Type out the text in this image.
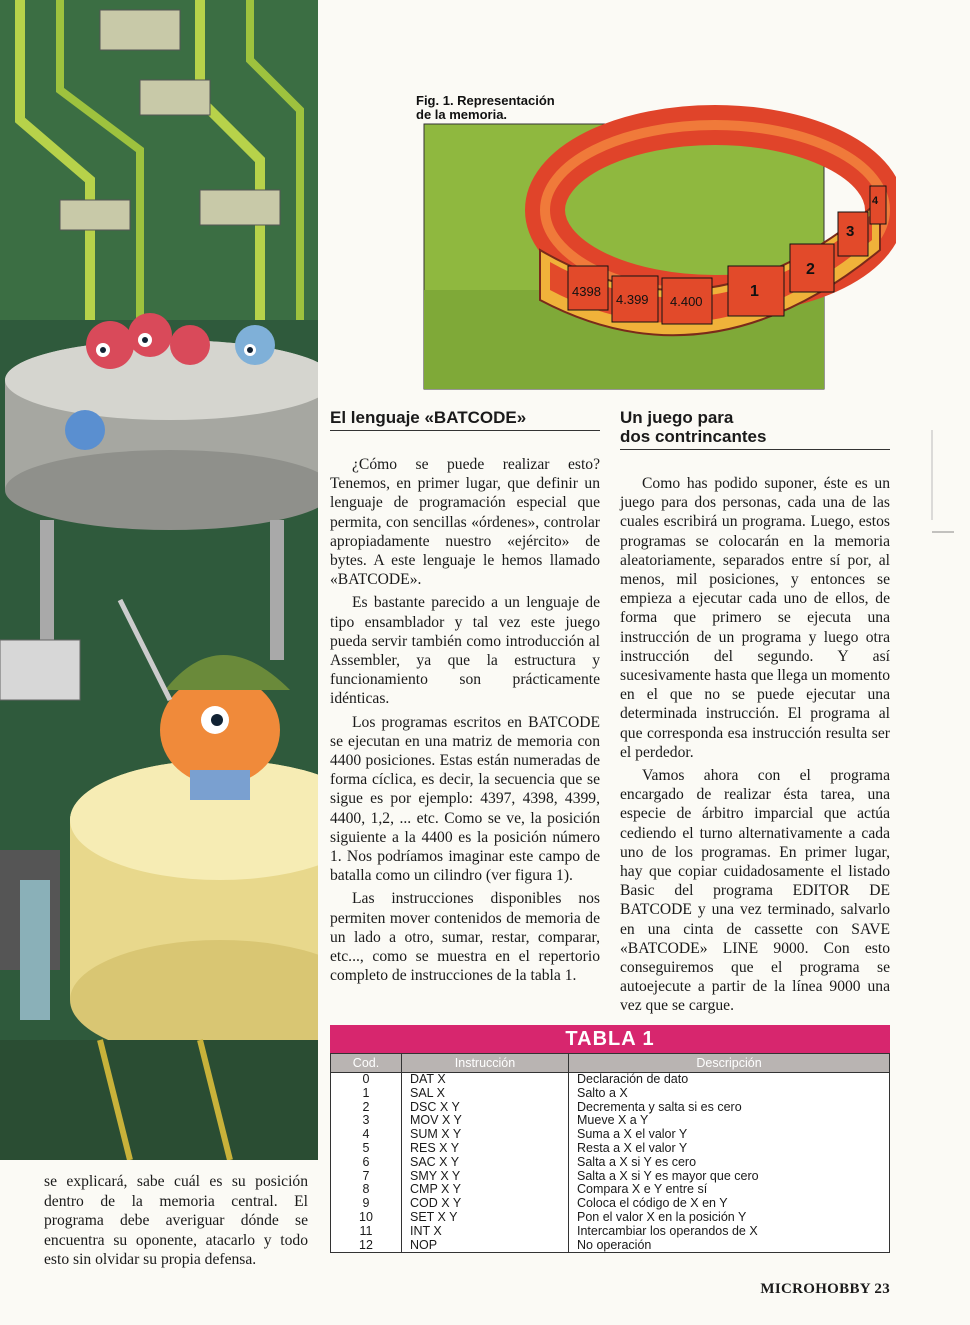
4398
4.399 4.400
1
2
3
4
Fig. 1. Representación
de la memoria.
El lenguaje «BATCODE»

¿Cómo se puede realizar esto? Tenemos, en primer lugar, que definir un lenguaje de programación especial que permita, con sencillas «órdenes», controlar apropiadamente nuestro «ejército» de bytes. A este lenguaje le hemos llamado «BATCODE».

Es bastante parecido a un lenguaje de tipo ensamblador y tal vez este juego pueda servir también como introducción al Assembler, ya que la estructura y funcionamiento son prácticamente idénticas.

Los programas escritos en BATCODE se ejecutan en una matriz de memoria con 4400 posiciones. Estas están numeradas de forma cíclica, es decir, la secuencia que se sigue es por ejemplo: 4397, 4398, 4399, 4400, 1,2, ... etc. Como se ve, la posición siguiente a la 4400 es la posición número 1. Nos podríamos imaginar este campo de batalla como un cilindro (ver figura 1).

Las instrucciones disponibles nos permiten mover contenidos de memoria de un lado a otro, sumar, restar, comparar, etc..., como se muestra en el repertorio completo de instrucciones de la tabla 1.

Un juego para
dos contrincantes

Como has podido suponer, éste es un juego para dos personas, cada una de las cuales escribirá un programa. Luego, estos programas se colocarán en la memoria aleatoriamente, separados entre sí por, al menos, mil posiciones, y entonces se empieza a ejecutar cada uno de ellos, de forma que primero se ejecuta una instrucción de un programa y luego otra instrucción del segundo. Y así sucesivamente hasta que llega un momento en el que no se puede ejecutar una determinada instrucción. El programa al que corresponda esa instrucción resulta ser el perdedor.

Vamos ahora con el programa encargado de realizar ésta tarea, una especie de árbitro imparcial que actúa cediendo el turno alternativamente a cada uno de los programas. En primer lugar, hay que copiar cuidadosamente el listado Basic del programa EDITOR DE BATCODE y una vez terminado, salvarlo en una cinta de cassette con SAVE «BATCODE» LINE 9000. Con esto conseguiremos que el programa se autoejecute a partir de la línea 9000 una vez que se cargue.

TABLA 1
Cod.	Instrucción	Descripción
0	DAT X	Declaración de dato
1	SAL X	Salto a X
2	DSC X Y	Decrementa y salta si es cero
3	MOV X Y	Mueve X a Y
4	SUM X Y	Suma a X el valor Y
5	RES X Y	Resta a X el valor Y
6	SAC X Y	Salta a X si Y es cero
7	SMY X Y	Salta a X si Y es mayor que cero
8	CMP X Y	Compara X e Y entre sí
9	COD X Y	Coloca el código de X en Y
10	SET X Y	Pon el valor X en la posición Y
11	INT X	Intercambiar los operandos de X
12	NOP	No operación
se explicará, sabe cuál es su posición dentro de la memoria central. El programa debe averiguar dónde se encuentra su oponente, atacarlo y todo esto sin olvidar su propia defensa.
MICROHOBBY 23
